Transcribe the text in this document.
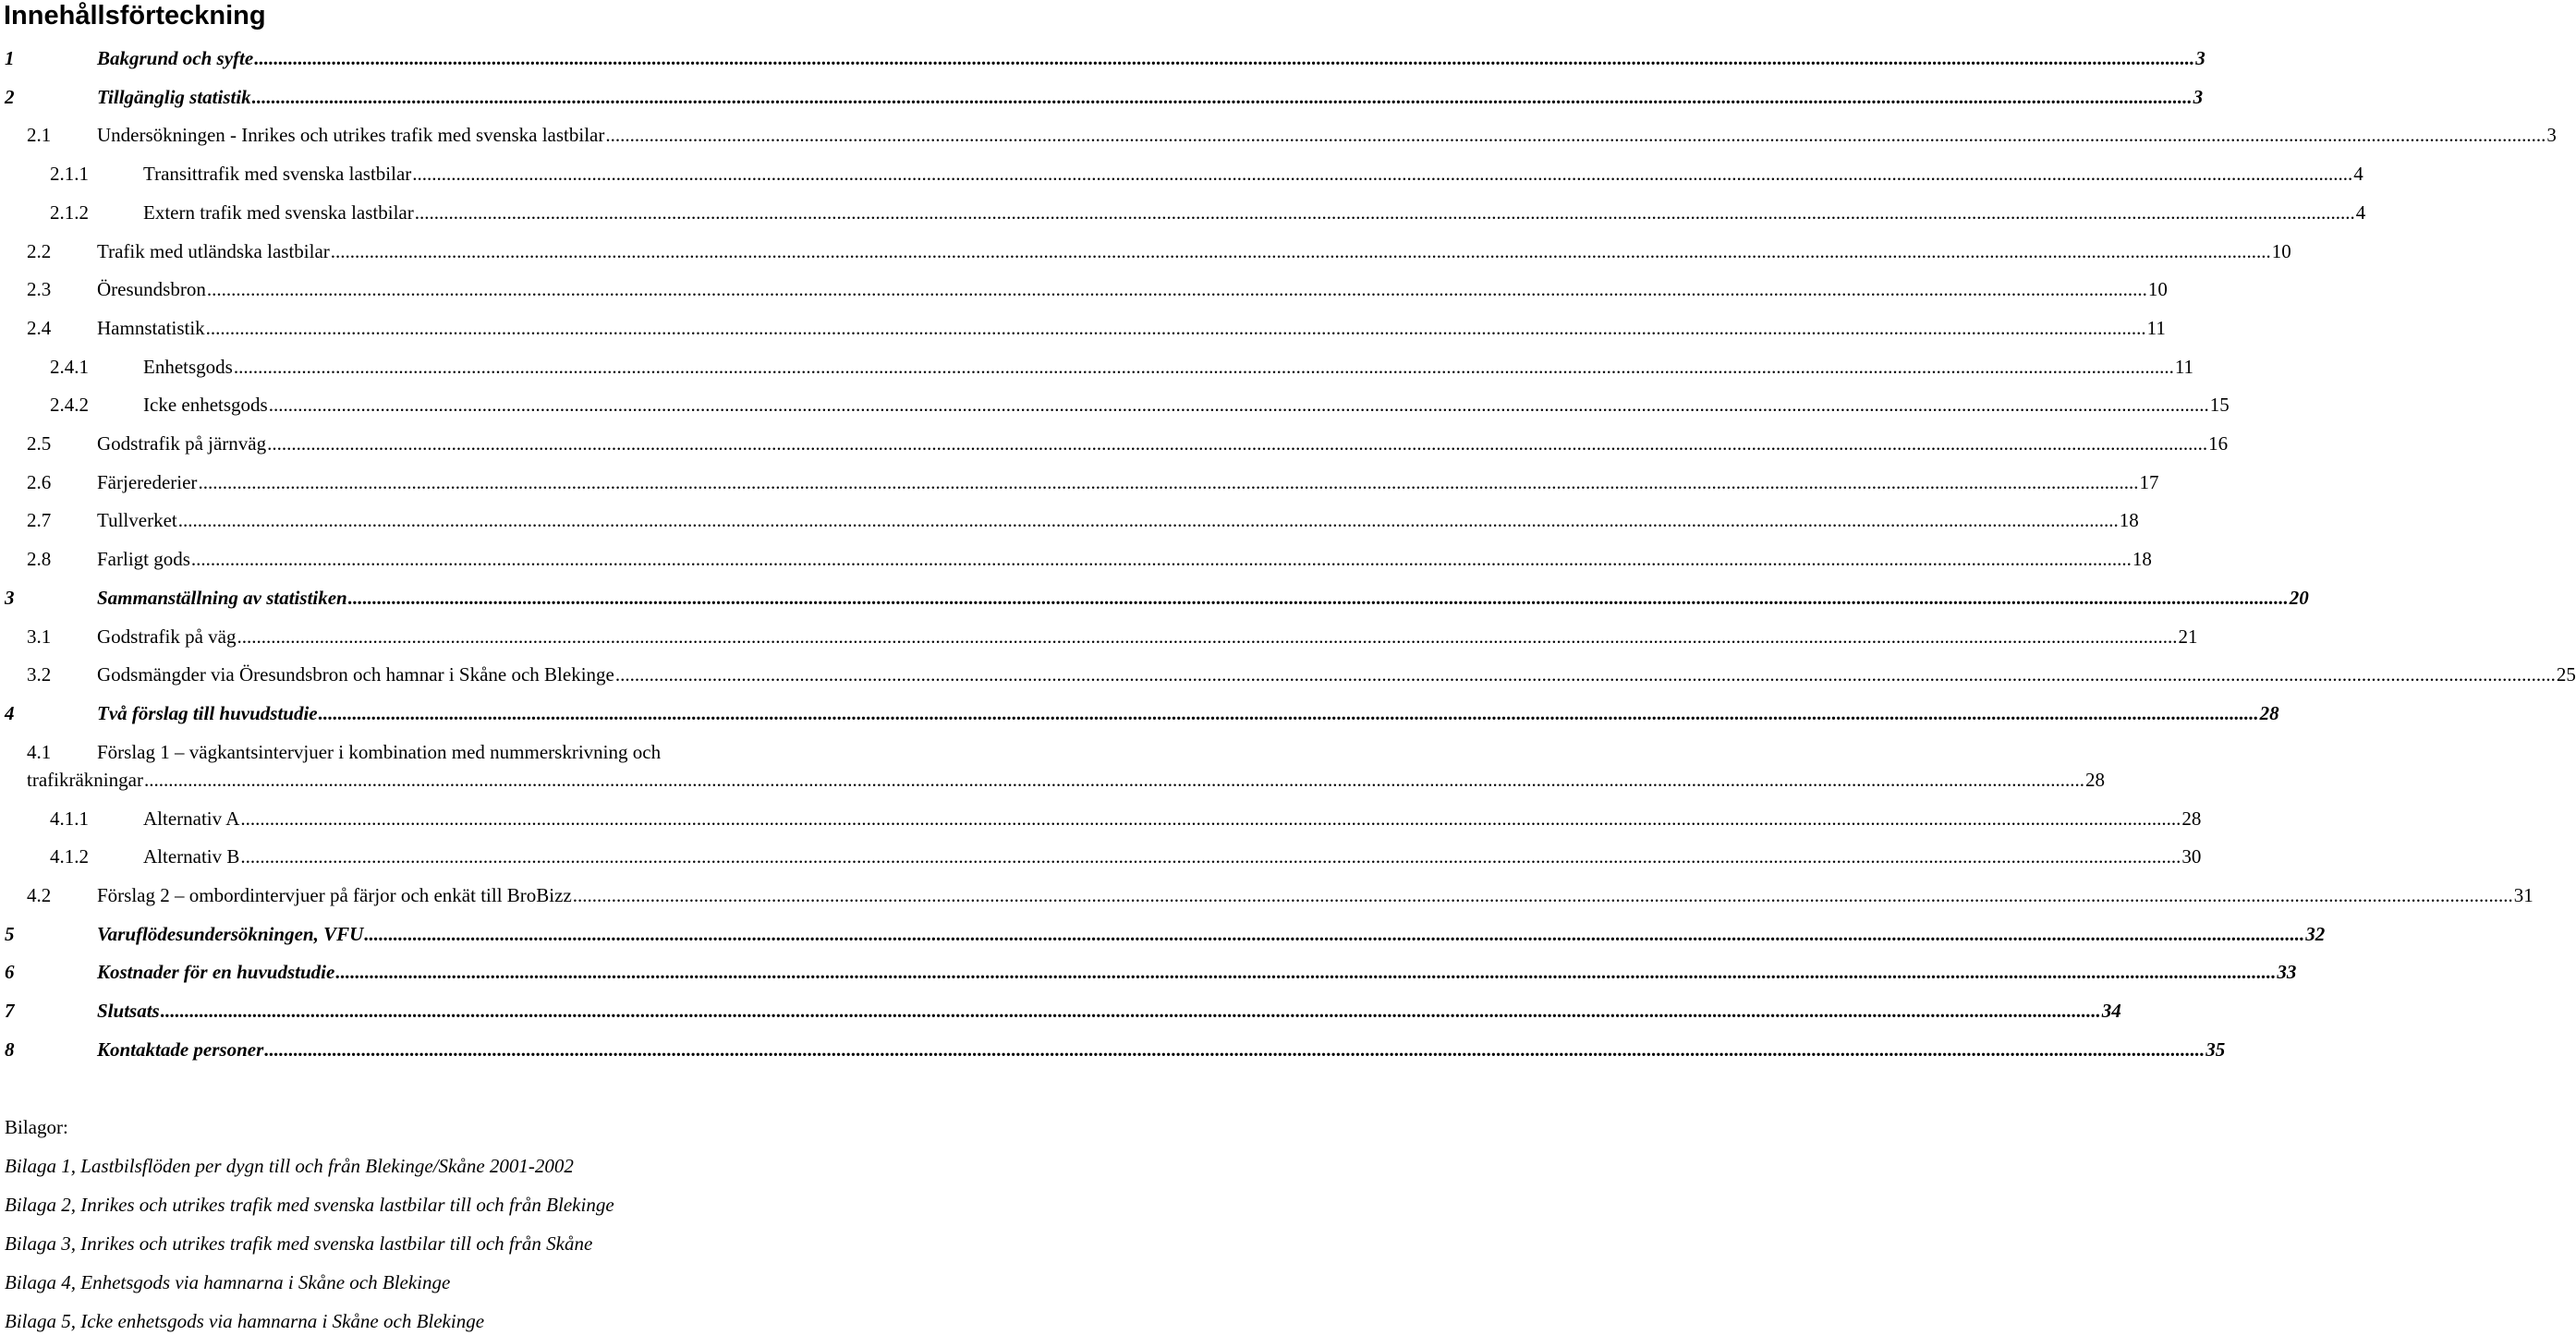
Innehållsförteckning
1	Bakgrund och syfte ................................................................................................................................................................................................................................................................................................................................................................................................................ 3
2	Tillgänglig statistik ................................................................................................................................................................................................................................................................................................................................................................................................................ 3
2.1 Undersökningen - Inrikes och utrikes trafik med svenska lastbilar ................................................................................................................................................................................................................................................................................................................................................................................................................ 3
2.1.1	Transittrafik med svenska lastbilar ................................................................................................................................................................................................................................................................................................................................................................................................................ 4
2.1.2	Extern trafik med svenska lastbilar ................................................................................................................................................................................................................................................................................................................................................................................................................ 4
2.2 Trafik med utländska lastbilar ................................................................................................................................................................................................................................................................................................................................................................................................................ 10
2.3 Öresundsbron ................................................................................................................................................................................................................................................................................................................................................................................................................ 10
2.4 Hamnstatistik ................................................................................................................................................................................................................................................................................................................................................................................................................ 11
2.4.1	Enhetsgods ................................................................................................................................................................................................................................................................................................................................................................................................................ 11
2.4.2	Icke enhetsgods ................................................................................................................................................................................................................................................................................................................................................................................................................ 15
2.5 Godstrafik på järnväg ................................................................................................................................................................................................................................................................................................................................................................................................................ 16
2.6 Färjerederier ................................................................................................................................................................................................................................................................................................................................................................................................................ 17
2.7 Tullverket ................................................................................................................................................................................................................................................................................................................................................................................................................ 18
2.8 Farligt gods ................................................................................................................................................................................................................................................................................................................................................................................................................ 18
3	Sammanställning av statistiken ................................................................................................................................................................................................................................................................................................................................................................................................................ 20
3.1 Godstrafik på väg ................................................................................................................................................................................................................................................................................................................................................................................................................ 21
3.2 Godsmängder via Öresundsbron och hamnar i Skåne och Blekinge ................................................................................................................................................................................................................................................................................................................................................................................................................ 25
4	Två förslag till huvudstudie ................................................................................................................................................................................................................................................................................................................................................................................................................ 28
4.1 Förslag 1 – vägkantsintervjuer i kombination med nummerskrivning och
trafikräkningar ................................................................................................................................................................................................................................................................................................................................................................................................................ 28
4.1.1	Alternativ A ................................................................................................................................................................................................................................................................................................................................................................................................................ 28
4.1.2	Alternativ B ................................................................................................................................................................................................................................................................................................................................................................................................................ 30
4.2 Förslag 2 – ombordintervjuer på färjor och enkät till BroBizz ................................................................................................................................................................................................................................................................................................................................................................................................................ 31
5	Varuflödesundersökningen, VFU ................................................................................................................................................................................................................................................................................................................................................................................................................ 32
6	Kostnader för en huvudstudie ................................................................................................................................................................................................................................................................................................................................................................................................................ 33
7	Slutsats ................................................................................................................................................................................................................................................................................................................................................................................................................ 34
8	Kontaktade personer ................................................................................................................................................................................................................................................................................................................................................................................................................ 35
Bilagor:
Bilaga 1, Lastbilsflöden per dygn till och från Blekinge/Skåne 2001-2002
Bilaga 2, Inrikes och utrikes trafik med svenska lastbilar till och från Blekinge
Bilaga 3, Inrikes och utrikes trafik med svenska lastbilar till och från Skåne
Bilaga 4, Enhetsgods via hamnarna i Skåne och Blekinge
Bilaga 5, Icke enhetsgods via hamnarna i Skåne och Blekinge
